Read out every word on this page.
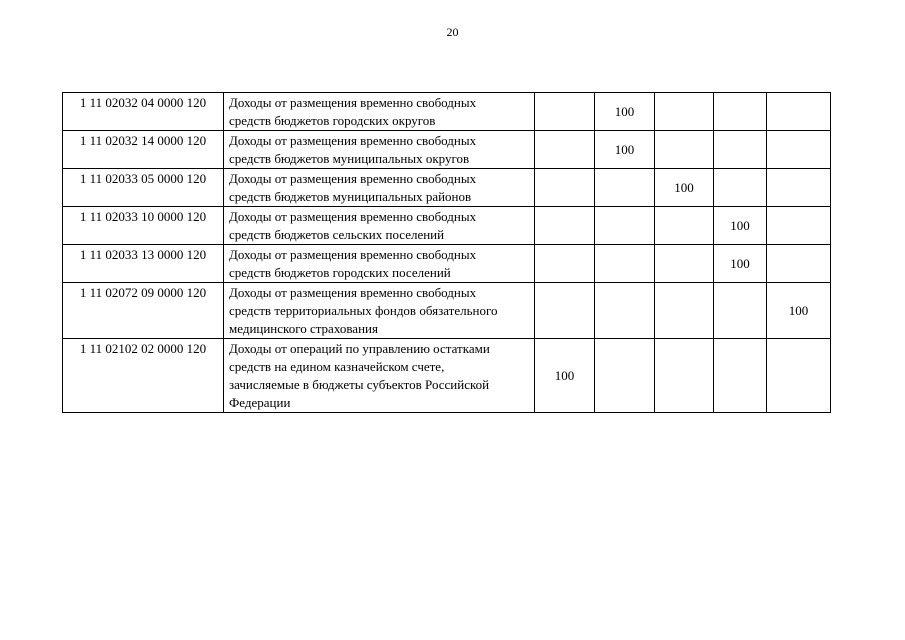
20
1 11 02032 04 0000 120	Доходы от размещения временно свободных
средств бюджетов городских округов		100			
1 11 02032 14 0000 120	Доходы от размещения временно свободных
средств бюджетов муниципальных округов		100			
1 11 02033 05 0000 120	Доходы от размещения временно свободных
средств бюджетов муниципальных районов			100		
1 11 02033 10 0000 120	Доходы от размещения временно свободных
средств бюджетов сельских поселений				100	
1 11 02033 13 0000 120	Доходы от размещения временно свободных
средств бюджетов городских поселений				100	
1 11 02072 09 0000 120	Доходы от размещения временно свободных
средств территориальных фондов обязательного
медицинского страхования					100
1 11 02102 02 0000 120	Доходы от операций по управлению остатками
средств на едином казначейском счете,
зачисляемые в бюджеты субъектов Российской
Федерации	100				
